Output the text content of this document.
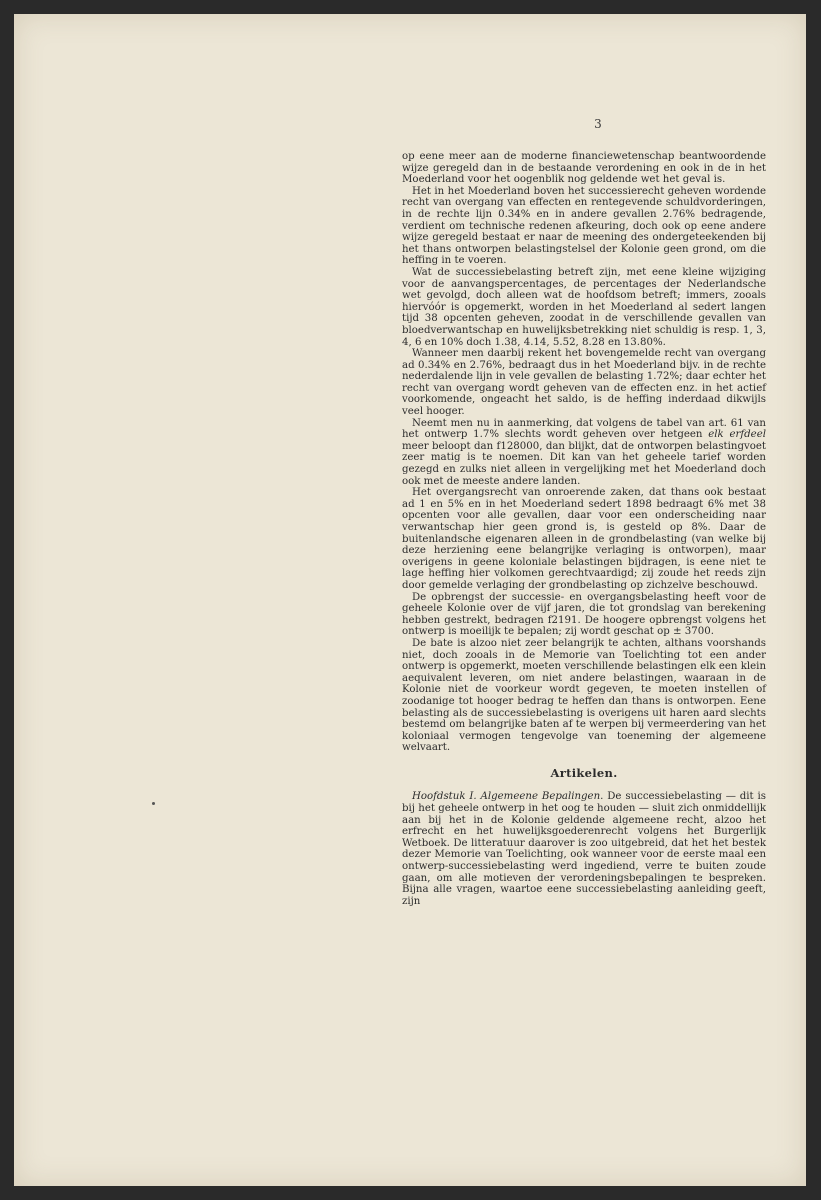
3

op eene meer aan de moderne financiewetenschap beantwoordende wijze geregeld dan in de bestaande verordening en ook in de in het Moederland voor het oogenblik nog geldende wet het geval is.

Het in het Moederland boven het successierecht geheven wordende recht van overgang van effecten en rentegevende schuldvorderingen, in de rechte lijn 0.34% en in andere gevallen 2.76% bedragende, verdient om technische redenen afkeuring, doch ook op eene andere wijze geregeld bestaat er naar de meening des ondergeteekenden bij het thans ontworpen belastingstelsel der Kolonie geen grond, om die heffing in te voeren.

Wat de successiebelasting betreft zijn, met eene kleine wijziging voor de aanvangspercentages, de percentages der Nederlandsche wet gevolgd, doch alleen wat de hoofdsom betreft; immers, zooals hiervóór is opgemerkt, worden in het Moederland al sedert langen tijd 38 opcenten geheven, zoodat in de verschillende gevallen van bloedverwantschap en huwelijksbetrekking niet schuldig is resp. 1, 3, 4, 6 en 10% doch 1.38, 4.14, 5.52, 8.28 en 13.80%.

Wanneer men daarbij rekent het bovengemelde recht van overgang ad 0.34% en 2.76%, bedraagt dus in het Moederland bijv. in de rechte nederdalende lijn in vele gevallen de belasting 1.72%; daar echter het recht van overgang wordt geheven van de effecten enz. in het actief voorkomende, ongeacht het saldo, is de heffing inderdaad dikwijls veel hooger.

Neemt men nu in aanmerking, dat volgens de tabel van art. 61 van het ontwerp 1.7% slechts wordt geheven over hetgeen elk erfdeel meer beloopt dan f128000, dan blijkt, dat de ontworpen belastingvoet zeer matig is te noemen. Dit kan van het geheele tarief worden gezegd en zulks niet alleen in vergelijking met het Moederland doch ook met de meeste andere landen.

Het overgangsrecht van onroerende zaken, dat thans ook bestaat ad 1 en 5% en in het Moederland sedert 1898 bedraagt 6% met 38 opcenten voor alle gevallen, daar voor een onderscheiding naar verwantschap hier geen grond is, is gesteld op 8%. Daar de buitenlandsche eigenaren alleen in de grondbelasting (van welke bij deze herziening eene belangrijke verlaging is ontworpen), maar overigens in geene koloniale belastingen bijdragen, is eene niet te lage heffing hier volkomen gerechtvaardigd; zij zoude het reeds zijn door gemelde verlaging der grondbelasting op zichzelve beschouwd.

De opbrengst der successie- en overgangsbelasting heeft voor de geheele Kolonie over de vijf jaren, die tot grondslag van berekening hebben gestrekt, bedragen f2191. De hoogere opbrengst volgens het ontwerp is moeilijk te bepalen; zij wordt geschat op ± 3700.

De bate is alzoo niet zeer belangrijk te achten, althans voorshands niet, doch zooals in de Memorie van Toelichting tot een ander ontwerp is opgemerkt, moeten verschillende belastingen elk een klein aequivalent leveren, om niet andere belastingen, waaraan in de Kolonie niet de voorkeur wordt gegeven, te moeten instellen of zoodanige tot hooger bedrag te heffen dan thans is ontworpen. Eene belasting als de successiebelasting is overigens uit haren aard slechts bestemd om belangrijke baten af te werpen bij vermeerdering van het koloniaal vermogen tengevolge van toeneming der algemeene welvaart.

Artikelen.

Hoofdstuk I. Algemeene Bepalingen. De successiebelasting — dit is bij het geheele ontwerp in het oog te houden — sluit zich onmiddellijk aan bij het in de Kolonie geldende algemeene recht, alzoo het erfrecht en het huwelijksgoederenrecht volgens het Burgerlijk Wetboek. De litteratuur daarover is zoo uitgebreid, dat het het bestek dezer Memorie van Toelichting, ook wanneer voor de eerste maal een ontwerp-successiebelasting werd ingediend, verre te buiten zoude gaan, om alle motieven der verordeningsbepalingen te bespreken. Bijna alle vragen, waartoe eene successiebelasting aanleiding geeft, zijn
